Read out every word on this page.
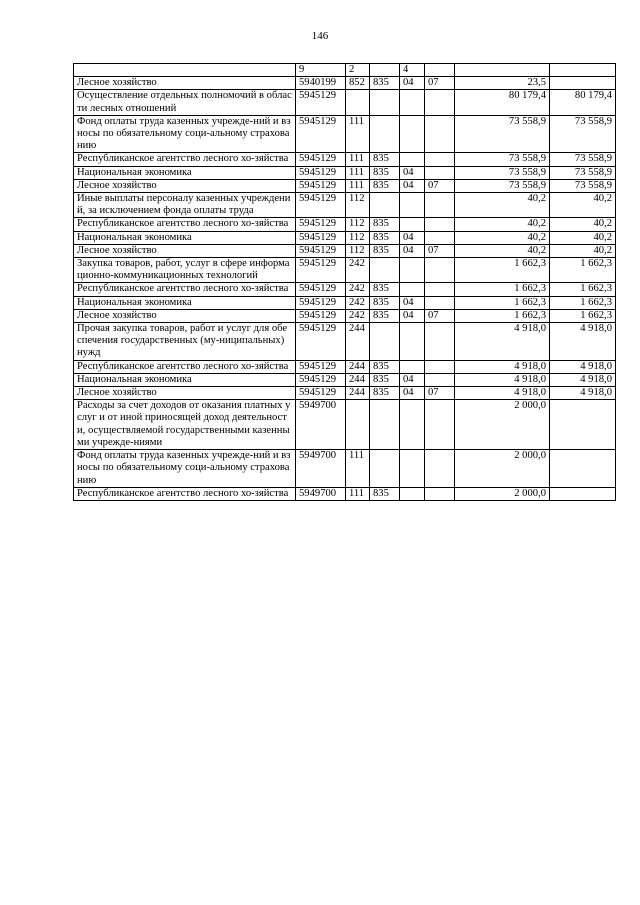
146
	9	2		4			
Лесное хозяйство	5940199	852	835	04	07	23,5	
Осуществление отдельных полномочий в области лесных отношений	5945129					80 179,4	80 179,4
Фонд оплаты труда казенных учрежде-ний и взносы по обязательному соци-альному страхованию	5945129	111				73 558,9	73 558,9
Республиканское агентство лесного хо-зяйства	5945129	111	835			73 558,9	73 558,9
Национальная экономика	5945129	111	835	04		73 558,9	73 558,9
Лесное хозяйство	5945129	111	835	04	07	73 558,9	73 558,9
Иные выплаты персоналу казенных учреждений, за исключением фонда оплаты труда	5945129	112				40,2	40,2
Республиканское агентство лесного хо-зяйства	5945129	112	835			40,2	40,2
Национальная экономика	5945129	112	835	04		40,2	40,2
Лесное хозяйство	5945129	112	835	04	07	40,2	40,2
Закупка товаров, работ, услуг в сфере информационно-коммуникационных технологий	5945129	242				1 662,3	1 662,3
Республиканское агентство лесного хо-зяйства	5945129	242	835			1 662,3	1 662,3
Национальная экономика	5945129	242	835	04		1 662,3	1 662,3
Лесное хозяйство	5945129	242	835	04	07	1 662,3	1 662,3
Прочая закупка товаров, работ и услуг для обеспечения государственных (му-ниципальных) нужд	5945129	244				4 918,0	4 918,0
Республиканское агентство лесного хо-зяйства	5945129	244	835			4 918,0	4 918,0
Национальная экономика	5945129	244	835	04		4 918,0	4 918,0
Лесное хозяйство	5945129	244	835	04	07	4 918,0	4 918,0
Расходы за счет доходов от оказания платных услуг и от иной приносящей доход деятельности, осуществляемой государственными казенными учрежде-ниями	5949700					2 000,0	
Фонд оплаты труда казенных учрежде-ний и взносы по обязательному соци-альному страхованию	5949700	111				2 000,0	
Республиканское агентство лесного хо-зяйства	5949700	111	835			2 000,0	
